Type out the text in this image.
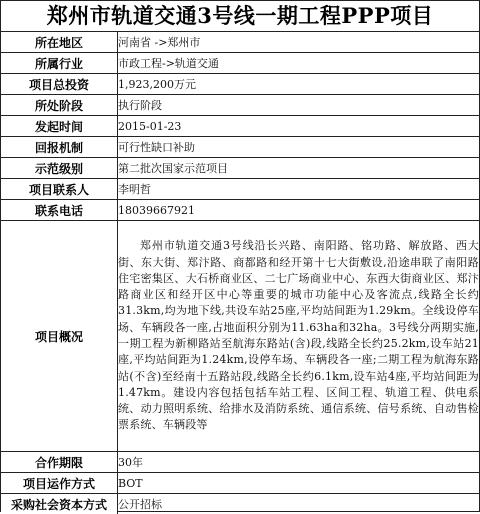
郑州市轨道交通3号线一期工程PPP项目
所在地区	河南省 ->郑州市
所属行业	市政工程->轨道交通
项目总投资	1,923,200万元
所处阶段	执行阶段
发起时间	2015-01-23
回报机制	可行性缺口补助
示范级别	第二批次国家示范项目
项目联系人	李明哲
联系电话	18039667921
项目概况	郑州市轨道交通3号线沿长兴路、南阳路、铭功路、解放路、西大街、东大街、郑汴路、商都路和经开第十七大街敷设,沿途串联了南阳路住宅密集区、大石桥商业区、二七广场商业中心、东西大街商业区、郑汴路商业区和经开区中心等重要的城市功能中心及客流点,线路全长约31.3km,均为地下线,共设车站25座,平均站间距为1.29km。全线设停车场、车辆段各一座,占地面积分别为11.63ha和32ha。3号线分两期实施,一期工程为新柳路站至航海东路站(含)段,线路全长约25.2km,设车站21座,平均站间距为1.24km,设停车场、车辆段各一座;二期工程为航海东路站(不含)至经南十五路站段,线路全长约6.1km,设车站4座,平均站间距为1.47km。建设内容包括包括车站工程、区间工程、轨道工程、供电系统、动力照明系统、给排水及消防系统、通信系统、信号系统、自动售检票系统、车辆段等
合作期限	30年
项目运作方式	BOT
采购社会资本方式	公开招标
